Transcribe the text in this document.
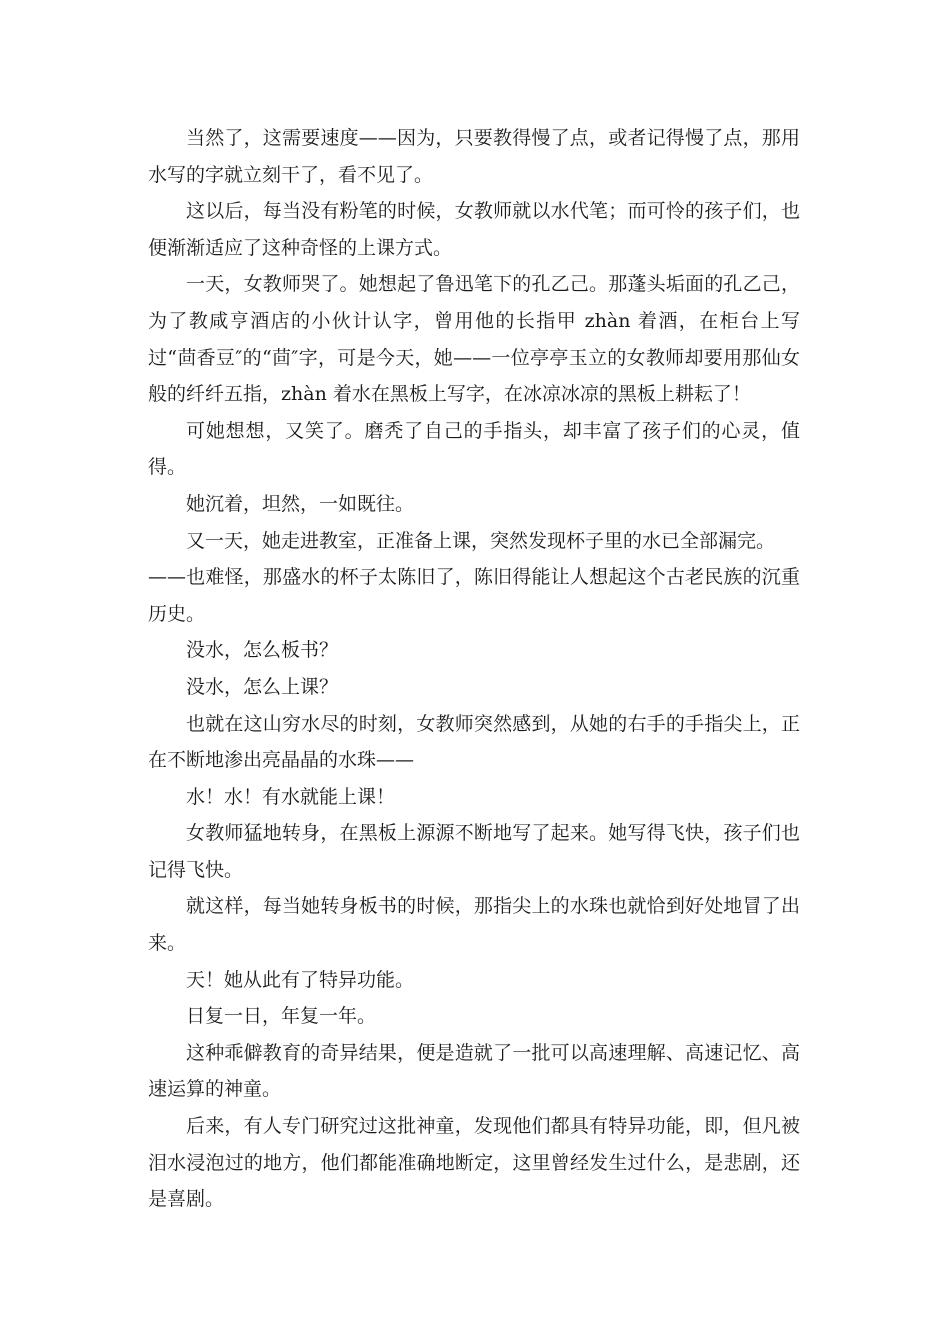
当然了，这需要速度——因为，只要教得慢了点，或者记得慢了点，那用水写的字就立刻干了，看不见了。

这以后，每当没有粉笔的时候，女教师就以水代笔；而可怜的孩子们，也便渐渐适应了这种奇怪的上课方式。

一天，女教师哭了。她想起了鲁迅笔下的孔乙己。那蓬头垢面的孔乙己，为了教咸亨酒店的小伙计认字，曾用他的长指甲 zhàn 着酒，在柜台上写过“茴香豆″的“茴″字，可是今天，她——一位亭亭玉立的女教师却要用那仙女般的纤纤五指，zhàn 着水在黑板上写字，在冰凉冰凉的黑板上耕耘了！

可她想想，又笑了。磨秃了自己的手指头，却丰富了孩子们的心灵，值得。

她沉着，坦然，一如既往。

又一天，她走进教室，正准备上课，突然发现杯子里的水已全部漏完。

——也难怪，那盛水的杯子太陈旧了，陈旧得能让人想起这个古老民族的沉重历史。

没水，怎么板书？

没水，怎么上课？

也就在这山穷水尽的时刻，女教师突然感到，从她的右手的手指尖上，正在不断地渗出亮晶晶的水珠——

水！水！有水就能上课！

女教师猛地转身，在黑板上源源不断地写了起来。她写得飞快，孩子们也记得飞快。

就这样，每当她转身板书的时候，那指尖上的水珠也就恰到好处地冒了出来。

天！她从此有了特异功能。

日复一日，年复一年。

这种乖僻教育的奇异结果，便是造就了一批可以高速理解、高速记忆、高速运算的神童。

后来，有人专门研究过这批神童，发现他们都具有特异功能，即，但凡被泪水浸泡过的地方，他们都能准确地断定，这里曾经发生过什么，是悲剧，还是喜剧。
